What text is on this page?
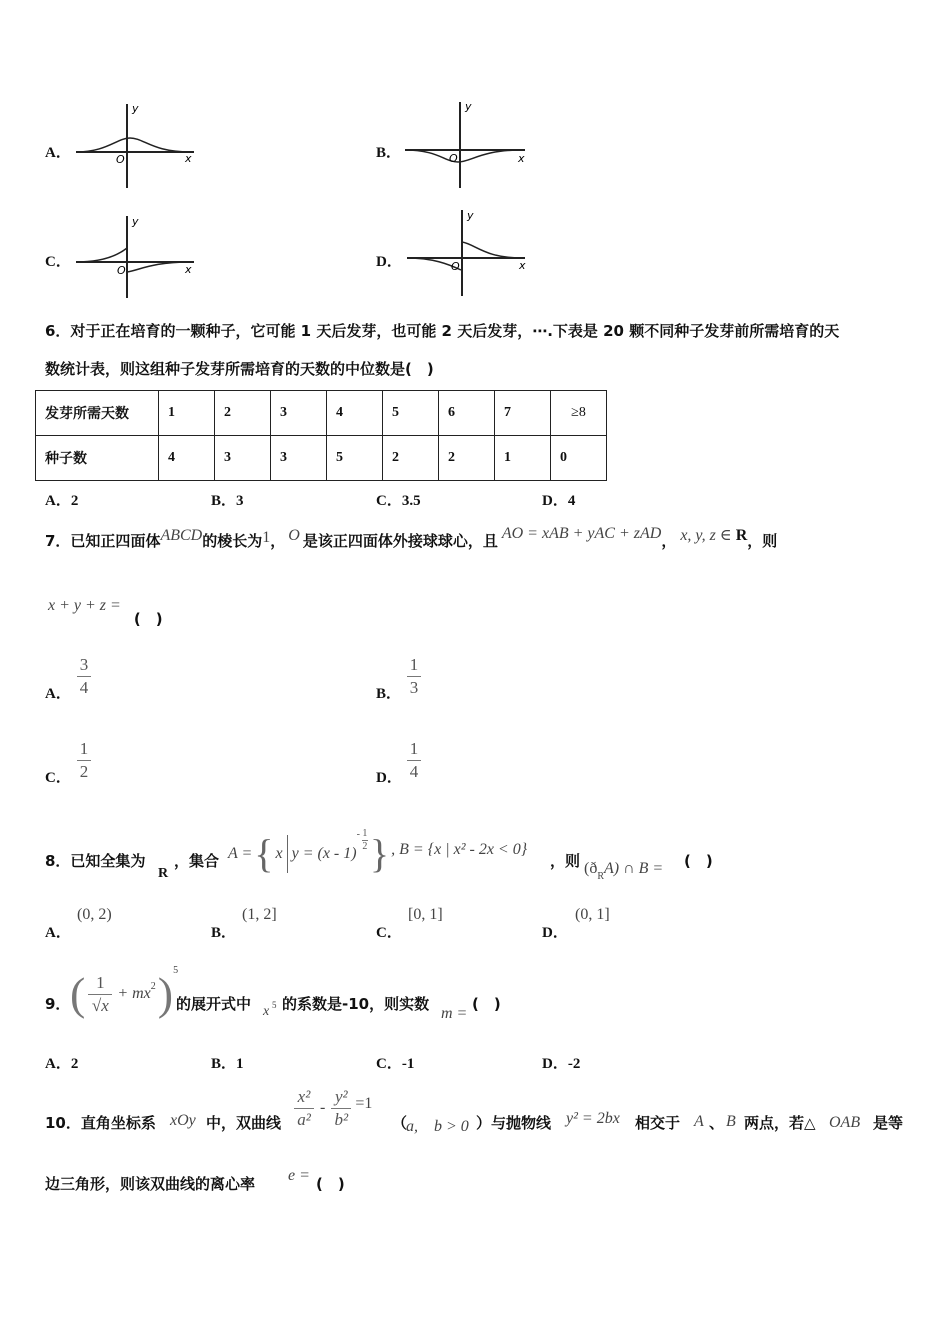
A．
y
x
O	B．
y
x
O
C．
y
x
O
D．
y
x
O
6．对于正在培育的一颗种子，它可能 1 天后发芽，也可能 2 天后发芽，⋯.下表是 20 颗不同种子发芽前所需培育的天
数统计表，则这组种子发芽所需培育的天数的中位数是(　)
发芽所需天数	1	2	3	4	5	6	7	≥8
种子数	4	3	3	5	2	2	1	0
A．2	B．3	C．3.5	D．4
7．已知正四面体ABCD的棱长为1， O 是该正四面体外接球球心，且 AO = xAB + yAC + zAD， x, y, z ∈ R，则
x + y + z = (　)
A．
3
4	B．
1
3
C．
1
2	D．
1
4
8．已知全集为
R
，集合 A = { x y = (x - 1)
- 1
2 } , B = {x | x² - 2x < 0}
，则 $(ð_RA)$ ∩ B = (　)
A．
(0, 2)
B．
(1, 2]
C．
[0, 1]
D．
(0, 1]
9． ( $\frac{1}{√x}$ + mx 2 ) 5
的展开式中 x 5 的系数是-10，则实数
m =
(　)
A．2	B．1	C．-1	D．-2
10．直角坐标系 xOy 中，双曲线 $\frac{\text{x²}}{\text{a²}} - \frac{\text{y²}}{\text{b²}} =1$
（
a,　b > 0 ）与抛物线 y² = 2bx 相交于 A 、 B 两点，若△ OAB 是等
边三角形，则该双曲线的离心率 e = (　)
